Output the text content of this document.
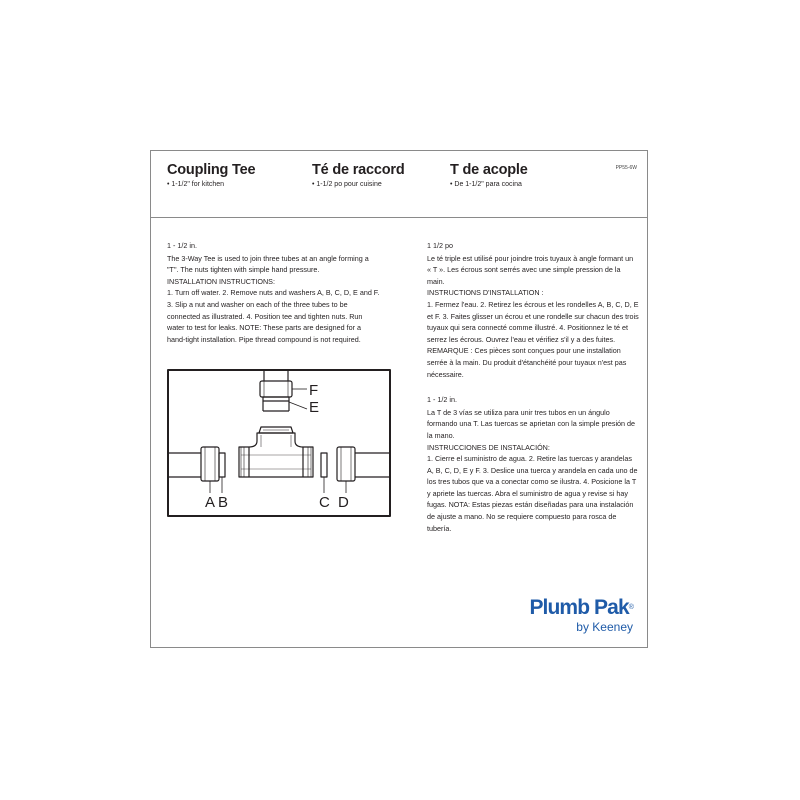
Coupling Tee
• 1-1/2" for kitchen
Té de raccord
• 1-1/2 po pour cuisine
T de acople
• De 1-1/2" para cocina
PP55-6W

1 - 1/2 in.

The 3-Way Tee is used to join three tubes at an angle forming a "T". The nuts tighten with simple hand pressure.

INSTALLATION INSTRUCTIONS:

1. Turn off water. 2. Remove nuts and washers A, B, C, D, E and F. 3. Slip a nut and washer on each of the three tubes to be connected as illustrated. 4. Position tee and tighten nuts. Run water to test for leaks. NOTE: These parts are designed for a hand-tight installation. Pipe thread compound is not required.

F
E
A B	C D

1 1/2 po

Le té triple est utilisé pour joindre trois tuyaux à angle formant un « T ». Les écrous sont serrés avec une simple pression de la main.

INSTRUCTIONS D'INSTALLATION :

1. Fermez l'eau. 2. Retirez les écrous et les rondelles A, B, C, D, E et F. 3. Faites glisser un écrou et une rondelle sur chacun des trois tuyaux qui sera connecté comme illustré. 4. Positionnez le té et serrez les écrous. Ouvrez l'eau et vérifiez s'il y a des fuites. REMARQUE : Ces pièces sont conçues pour une installation serrée à la main. Du produit d'étanchéité pour tuyaux n'est pas nécessaire.

1 - 1/2 in.

La T de 3 vías se utiliza para unir tres tubos en un ángulo formando una T. Las tuercas se aprietan con la simple presión de la mano.

INSTRUCCIONES DE INSTALACIÓN:

1. Cierre el suministro de agua. 2. Retire las tuercas y arandelas A, B, C, D, E y F. 3. Deslice una tuerca y arandela en cada uno de los tres tubos que va a conectar como se ilustra. 4. Posicione la T y apriete las tuercas. Abra el suministro de agua y revise si hay fugas. NOTA: Estas piezas están diseñadas para una instalación de ajuste a mano. No se requiere compuesto para rosca de tubería.

Plumb Pak®
by Keeney
